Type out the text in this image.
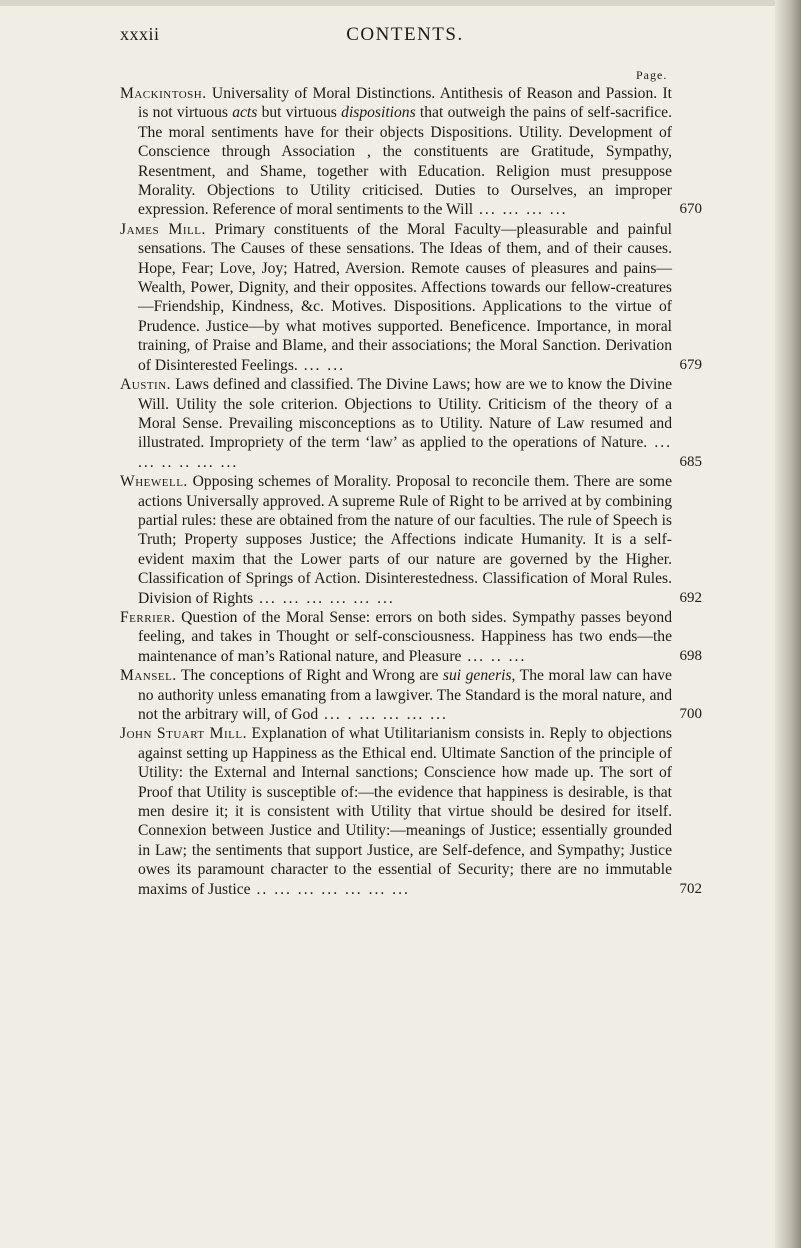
xxxii	CONTENTS.
Page.

Mackintosh. Universality of Moral Distinctions. Antithesis of Reason and Passion. It is not virtuous acts but virtuous dispositions that outweigh the pains of self-sacrifice. The moral sentiments have for their objects Dispositions. Utility. Development of Conscience through Association , the constituents are Gratitude, Sympathy, Resentment, and Shame, together with Education. Religion must presuppose Morality. Objections to Utility criticised. Duties to Ourselves, an improper expression. Reference of moral sentiments to the Will ... ... ... ...	670

James Mill. Primary constituents of the Moral Faculty—pleasurable and painful sensations. The Causes of these sensations. The Ideas of them, and of their causes. Hope, Fear; Love, Joy; Hatred, Aversion. Remote causes of pleasures and pains—Wealth, Power, Dignity, and their opposites. Affections towards our fellow-creatures—Friendship, Kindness, &c. Motives. Dispositions. Applications to the virtue of Prudence. Justice—by what motives supported. Beneficence. Importance, in moral training, of Praise and Blame, and their associations; the Moral Sanction. Derivation of Disinterested Feelings. ... ...	679

Austin. Laws defined and classified. The Divine Laws; how are we to know the Divine Will. Utility the sole criterion. Objections to Utility. Criticism of the theory of a Moral Sense. Prevailing misconceptions as to Utility. Nature of Law resumed and illustrated. Impropriety of the term ‘law’ as applied to the operations of Nature. ... ... .. .. ... ...	685

Whewell. Opposing schemes of Morality. Proposal to reconcile them. There are some actions Universally approved. A supreme Rule of Right to be arrived at by combining partial rules: these are obtained from the nature of our faculties. The rule of Speech is Truth; Property supposes Justice; the Affections indicate Humanity. It is a self-evident maxim that the Lower parts of our nature are governed by the Higher. Classification of Springs of Action. Disinterestedness. Classification of Moral Rules. Division of Rights ... ... ... ... ... ...	692

Ferrier. Question of the Moral Sense: errors on both sides. Sympathy passes beyond feeling, and takes in Thought or self-consciousness. Happiness has two ends—the maintenance of man’s Rational nature, and Pleasure ... .. ...	698

Mansel. The conceptions of Right and Wrong are sui generis, The moral law can have no authority unless emanating from a lawgiver. The Standard is the moral nature, and not the arbitrary will, of God ... . ... ... ... ...	700

John Stuart Mill. Explanation of what Utilitarianism consists in. Reply to objections against setting up Happiness as the Ethical end. Ultimate Sanction of the principle of Utility: the External and Internal sanctions; Conscience how made up. The sort of Proof that Utility is susceptible of:—the evidence that happiness is desirable, is that men desire it; it is consistent with Utility that virtue should be desired for itself. Connexion between Justice and Utility:—meanings of Justice; essentially grounded in Law; the sentiments that support Justice, are Self-defence, and Sympathy; Justice owes its paramount character to the essential of Security; there are no immutable maxims of Justice .. ... ... ... ... ... ...	702
